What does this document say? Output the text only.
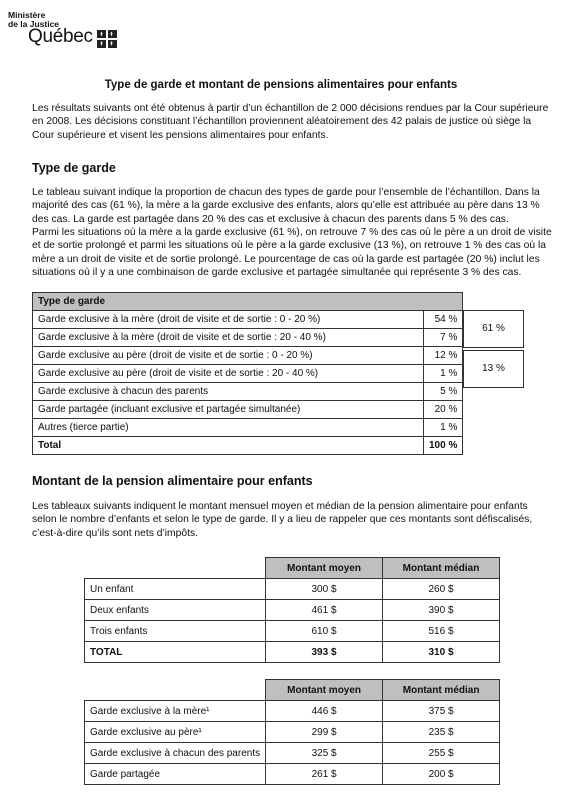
Ministère
de la Justice
Québec
Type de garde et montant de pensions alimentaires pour enfants

Les résultats suivants ont été obtenus à partir d’un échantillon de 2 000 décisions rendues par la Cour supérieure en 2008. Les décisions constituant l’échantillon proviennent aléatoirement des 42 palais de justice où siège la Cour supérieure et visent les pensions alimentaires pour enfants.

Type de garde

Le tableau suivant indique la proportion de chacun des types de garde pour l’ensemble de l’échantillon. Dans la majorité des cas (61 %), la mère a la garde exclusive des enfants, alors qu’elle est attribuée au père dans 13 % des cas. La garde est partagée dans 20 % des cas et exclusive à chacun des parents dans 5 % des cas.

Parmi les situations où la mère a la garde exclusive (61 %), on retrouve 7 % des cas où le père a un droit de visite et de sortie prolongé et parmi les situations où le père a la garde exclusive (13 %), on retrouve 1 % des cas où la mère a un droit de visite et de sortie prolongé. Le pourcentage de cas où la garde est partagée (20 %) inclut les situations où il y a une combinaison de garde exclusive et partagée simultanée qui représente 3 % des cas.

Type de garde	
Garde exclusive à la mère (droit de visite et de sortie : 0 - 20 %)	54 %
Garde exclusive à la mère (droit de visite et de sortie : 20 - 40 %)	7 %
Garde exclusive au père (droit de visite et de sortie : 0 - 20 %)	12 %
Garde exclusive au père (droit de visite et de sortie : 20 - 40 %)	1 %
Garde exclusive à chacun des parents	5 %
Garde partagée (incluant exclusive et partagée simultanée)	20 %
Autres (tierce partie)	1 %
Total	100 %
61 %
13 %
Montant de la pension alimentaire pour enfants

Les tableaux suivants indiquent le montant mensuel moyen et médian de la pension alimentaire pour enfants selon le nombre d’enfants et selon le type de garde. Il y a lieu de rappeler que ces montants sont défiscalisés, c’est-à-dire qu’ils sont nets d’impôts.

	Montant moyen	Montant médian
Un enfant	300 $	260 $
Deux enfants	461 $	390 $
Trois enfants	610 $	516 $
TOTAL	393 $	310 $
	Montant moyen	Montant médian
Garde exclusive à la mère¹	446 $	375 $
Garde exclusive au père¹	299 $	235 $
Garde exclusive à chacun des parents	325 $	255 $
Garde partagée	261 $	200 $
